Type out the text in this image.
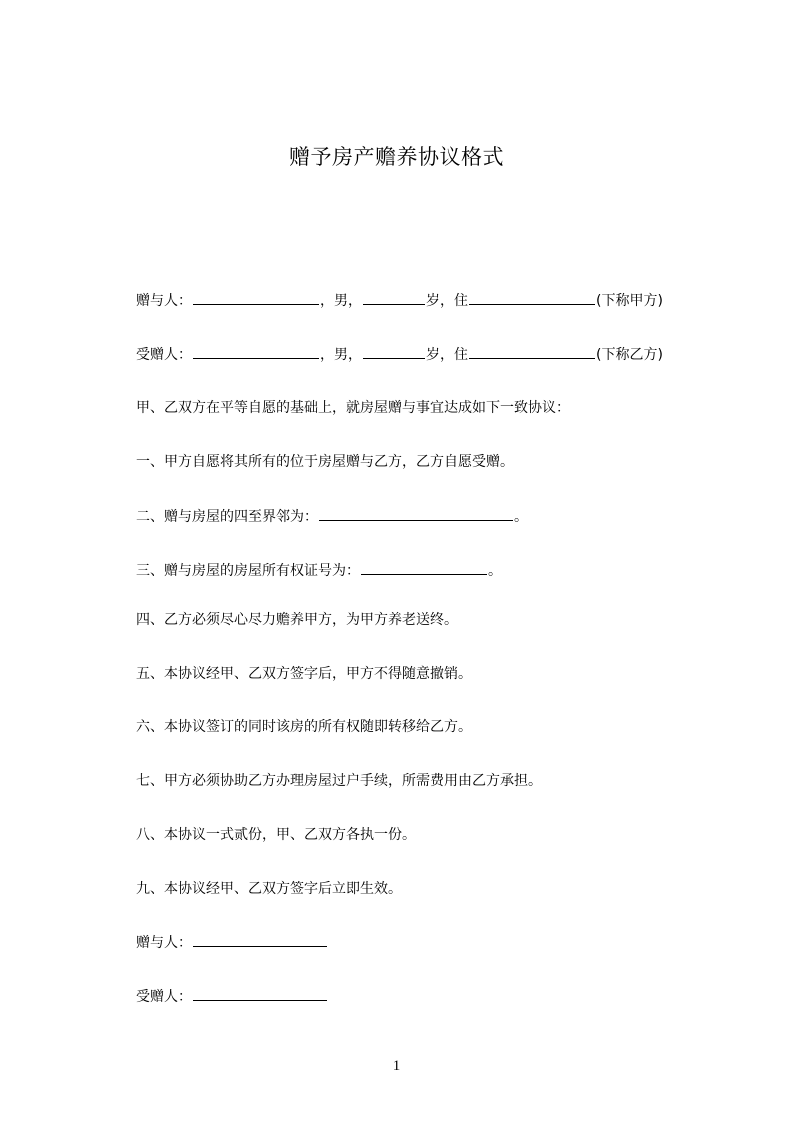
赠予房产赡养协议格式
赠与人：	，男，	岁，住	(下称甲方)
受赠人：	，男，	岁，住	(下称乙方)
甲、乙双方在平等自愿的基础上，就房屋赠与事宜达成如下一致协议：
一、甲方自愿将其所有的位于房屋赠与乙方，乙方自愿受赠。
二、赠与房屋的四至界邻为：	。
三、赠与房屋的房屋所有权证号为：	。
四、乙方必须尽心尽力赡养甲方，为甲方养老送终。
五、本协议经甲、乙双方签字后，甲方不得随意撤销。
六、本协议签订的同时该房的所有权随即转移给乙方。
七、甲方必须协助乙方办理房屋过户手续，所需费用由乙方承担。
八、本协议一式贰份，甲、乙双方各执一份。
九、本协议经甲、乙双方签字后立即生效。
赠与人：
受赠人：
1
